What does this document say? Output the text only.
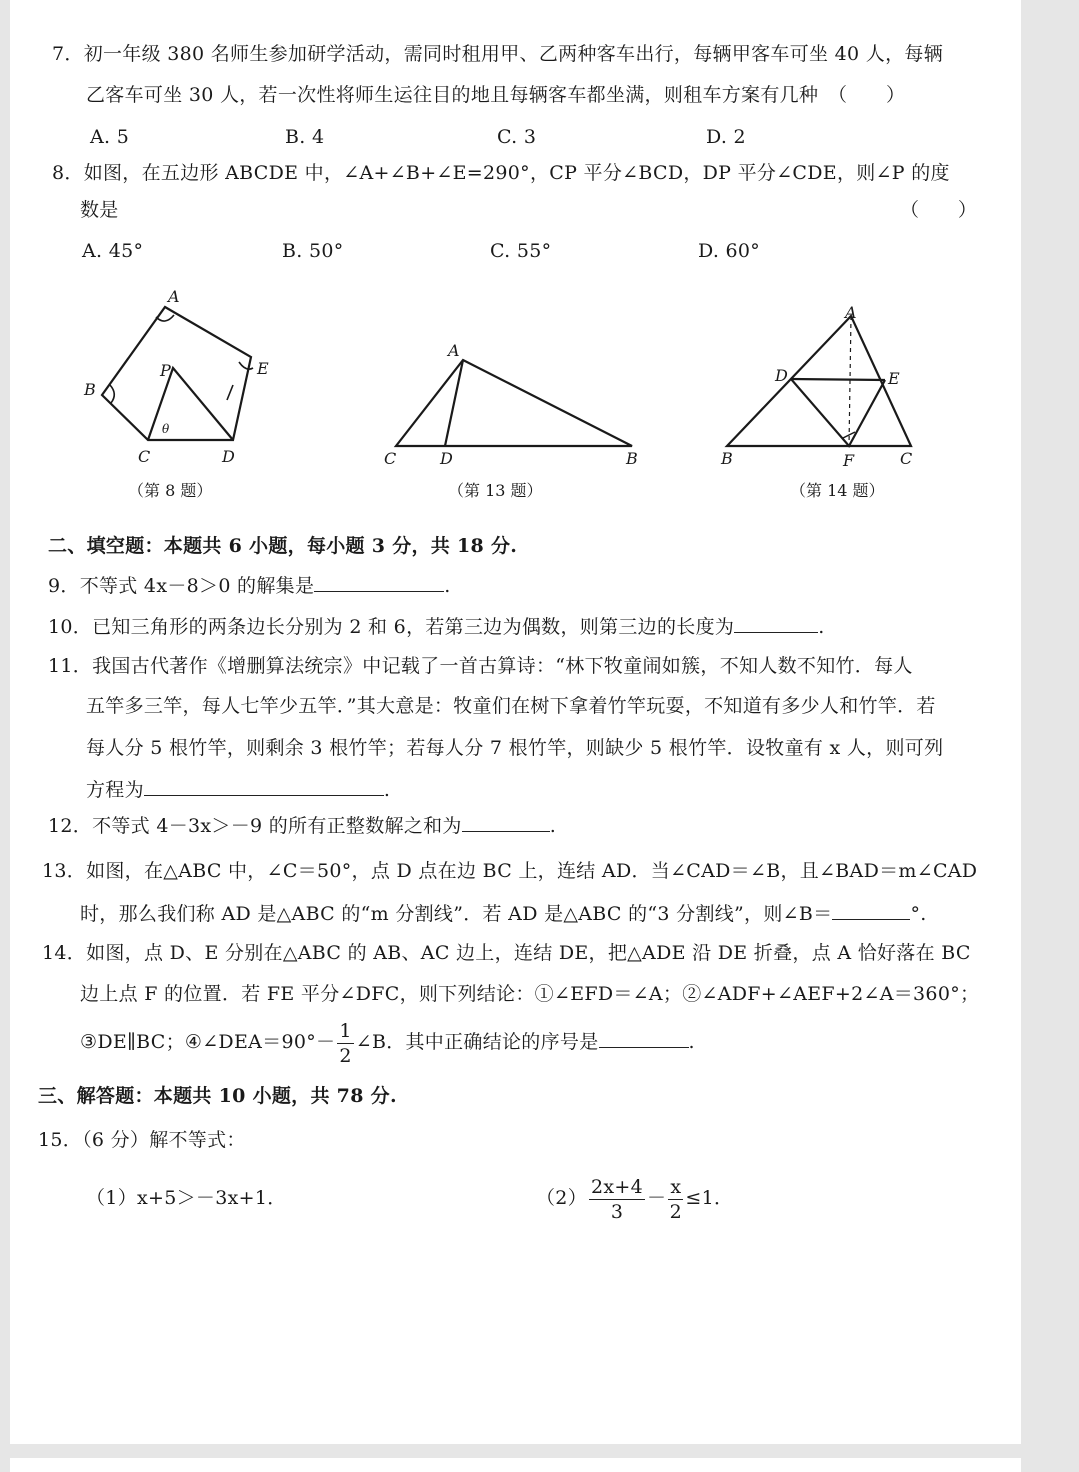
7．初一年级 380 名师生参加研学活动，需同时租用甲、乙两种客车出行，每辆甲客车可坐 40 人，每辆
乙客车可坐 30 人，若一次性将师生运往目的地且每辆客车都坐满，则租车方案有几种　（　　）
A. 5	B. 4	C. 3	D. 2
8．如图，在五边形 ABCDE 中，∠A+∠B+∠E=290°，CP 平分∠BCD，DP 平分∠CDE，则∠P 的度
数是	（　　）
A. 45°	B. 50°	C. 55°	D. 60°
A
B
C	D
E
P
θ
A
C	D	B
A
D	E
B	F	C
（第 8 题）	（第 13 题）	（第 14 题）
二、填空题：本题共 6 小题，每小题 3 分，共 18 分.
9．不等式 4x－8＞0 的解集是	.
10．已知三角形的两条边长分别为 2 和 6，若第三边为偶数，则第三边的长度为	.
11．我国古代著作《增删算法统宗》中记载了一首古算诗：“林下牧童闹如簇，不知人数不知竹．每人
五竿多三竿，每人七竿少五竿．”其大意是：牧童们在树下拿着竹竿玩耍，不知道有多少人和竹竿．若
每人分 5 根竹竿，则剩余 3 根竹竿；若每人分 7 根竹竿，则缺少 5 根竹竿．设牧童有 x 人，则可列
方程为	.
12．不等式 4－3x＞－9 的所有正整数解之和为	.
13．如图，在△ABC 中，∠C＝50°，点 D 点在边 BC 上，连结 AD．当∠CAD＝∠B，且∠BAD＝m∠CAD
时，那么我们称 AD 是△ABC 的“m 分割线”．若 AD 是△ABC 的“3 分割线”，则∠B＝	°.
14．如图，点 D、E 分别在△ABC 的 AB、AC 边上，连结 DE，把△ADE 沿 DE 折叠，点 A 恰好落在 BC
边上点 F 的位置．若 FE 平分∠DFC，则下列结论：①∠EFD＝∠A；②∠ADF+∠AEF+2∠A＝360°；
③DE∥BC；④∠DEA＝90°－ $\frac{1}{2}$ ∠B．其中正确结论的序号是	.
三、解答题：本题共 10 小题，共 78 分.
15．（6 分）解不等式：
（1）x+5＞－3x+1．	$(2) \frac{2x+4}{3} - \frac{x}{2} \le 1$．
